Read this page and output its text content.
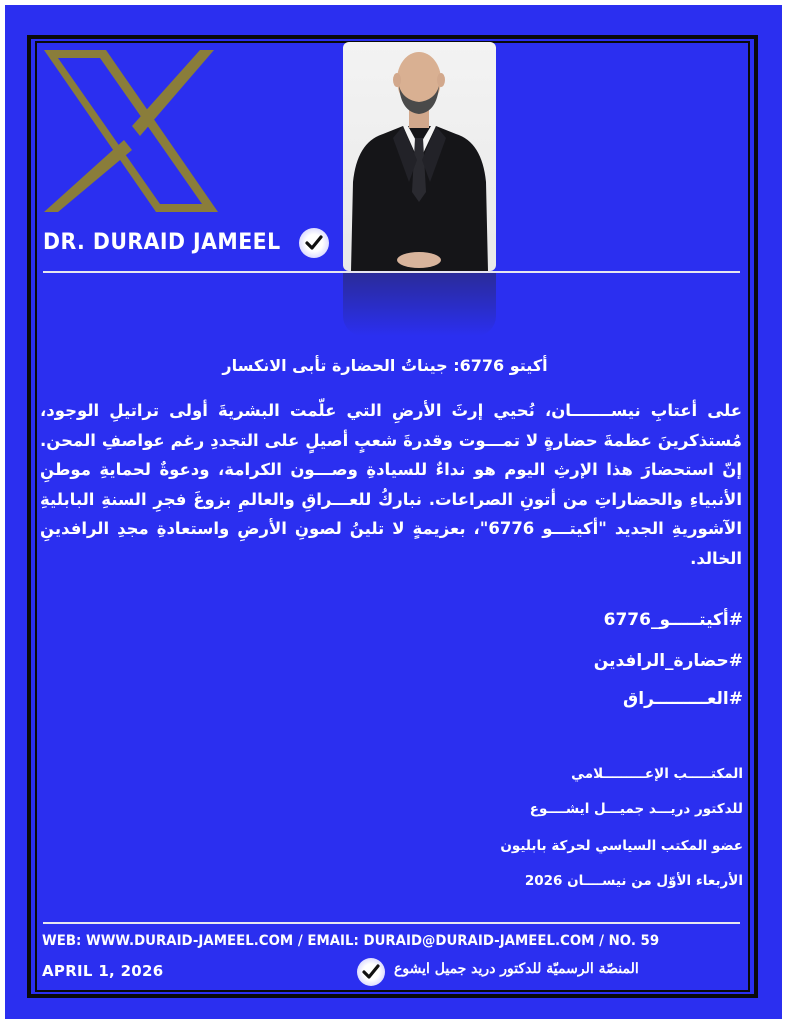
DR. DURAID JAMEEL
أكيتو 6776: جيناتُ الحضارة تأبى الانكسار
على أعتابِ نيســـــــان، نُحيي إرثَ الأرضِ التي علّمت البشريةَ أولى تراتيلِ الوجود، مُستذكرينَ عظمةَ حضارةٍ لا تمـــوت وقدرةَ شعبٍ أصيلٍ على التجددِ رغم عواصفِ المحن. إنّ استحضارَ هذا الإرثِ اليوم هو نداءٌ للسيادةِ وصـــون الكرامة، ودعوةٌ لحمايةِ موطنِ الأنبياءِ والحضاراتِ من أتونِ الصراعات. نباركُ للعـــراقِ والعالمِ بزوغَ فجرِ السنةِ البابليةِ الآشوريةِ الجديد "أكيتـــو 6776"، بعزيمةٍ لا تلينُ لصونِ الأرضِ واستعادةِ مجدِ الرافدينِ الخالد.
#أكيتـــــو_6776
#حضارة_الرافدين
#العـــــــــراق
المكتـــــب الإعـــــــــلامي
للدكتور دريـــد جميـــل ايشــــوع
عضو المكتب السياسي لحركة بابليون
الأربعاء الأوّل من نيســــان 2026
WEB: WWW.DURAID-JAMEEL.COM / EMAIL: DURAID@DURAID-JAMEEL.COM / NO. 59
APRIL 1, 2026	المنصّة الرسميّة للدكتور دريد جميل ايشوع
